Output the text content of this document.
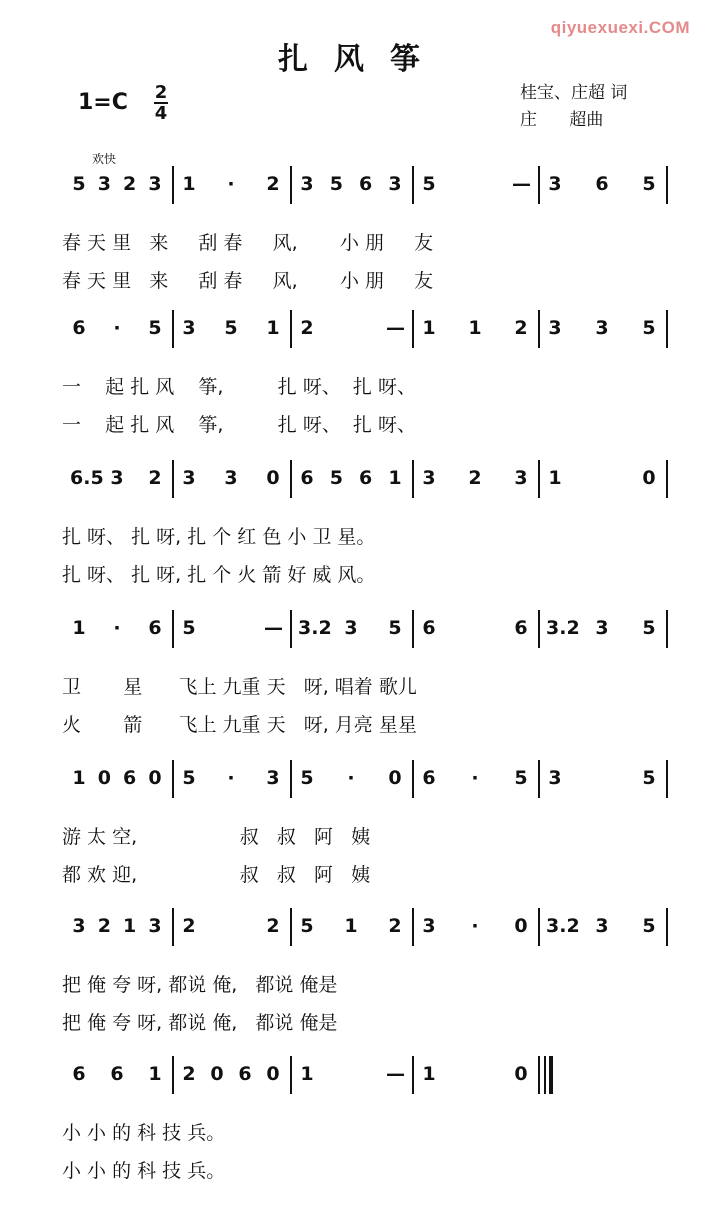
qiyuexuexi.COM
扎风筝
1=C 2
4
桂宝、庄超 词
庄      超曲
欢快
5 3 2 3 1 · 2 3 5 6 3 5	— 3 6 5
春 天 里   来     刮 春     风,       小 朋     友
春 天 里   来     刮 春     风,       小 朋     友
6 · 5 3 5 1 2	— 1 1 2 3 3 5
一    起 扎 风    筝,         扎 呀、  扎 呀、
一    起 扎 风    筝,         扎 呀、  扎 呀、
6.5 3 2 3 3 0 6 5 6 1 3 2 3 1	0
扎 呀、 扎 呀, 扎 个 红 色 小 卫 星。
扎 呀、 扎 呀, 扎 个 火 箭 好 威 风。
1 · 6 5	— 3.2 3 5 6	6 3.2 3 5
卫       星      飞上 九重 天   呀, 唱着 歌儿
火       箭      飞上 九重 天   呀, 月亮 星星
1 0 6 0 5 · 3 5 · 0 6 · 5 3	5
游 太 空,                 叔   叔   阿   姨
都 欢 迎,                 叔   叔   阿   姨
3 2 1 3 2	2 5 1 2 3 · 0 3.2 3 5
把 俺 夸 呀, 都说 俺,   都说 俺是
把 俺 夸 呀, 都说 俺,   都说 俺是
6 6 1 2 0 6 0 1	— 1	0
小 小 的 科 技 兵。
小 小 的 科 技 兵。
